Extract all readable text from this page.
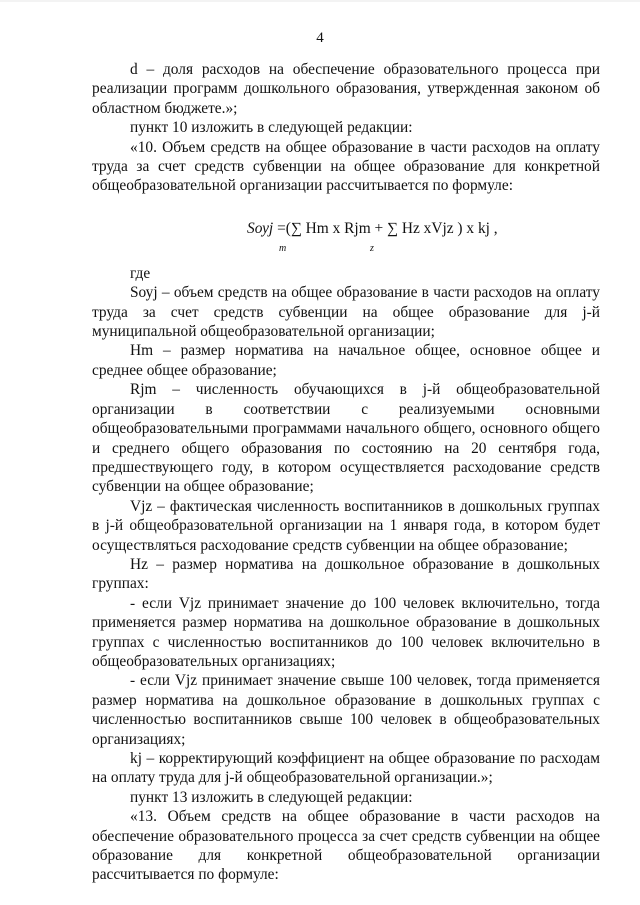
4

d – доля расходов на обеспечение образовательного процесса при реализации программ дошкольного образования, утвержденная законом об областном бюджете.»;

пункт 10 изложить в следующей редакции:

«10. Объем средств на общее образование в части расходов на оплату труда за счет средств субвенции на общее образование для конкретной общеобразовательной организации рассчитывается по формуле:

Sоуj =(∑ Hm x Rjm + ∑ Hz xVjz ) x kj ,
m	z

где

Sоуj – объем средств на общее образование в части расходов на оплату труда за счет средств субвенции на общее образование для j-й муниципальной общеобразовательной организации;

Hm – размер норматива на начальное общее, основное общее и среднее общее образование;

Rjm – численность обучающихся в j-й общеобразовательной организации в соответствии с реализуемыми основными общеобразовательными программами начального общего, основного общего и среднего общего образования по состоянию на 20 сентября года, предшествующего году, в котором осуществляется расходование средств субвенции на общее образование;

Vjz – фактическая численность воспитанников в дошкольных группах в j-й общеобразовательной организации на 1 января года, в котором будет осуществляться расходование средств субвенции на общее образование;

Hz – размер норматива на дошкольное образование в дошкольных группах:

- если Vjz принимает значение до 100 человек включительно, тогда применяется размер норматива на дошкольное образование в дошкольных группах с численностью воспитанников до 100 человек включительно в общеобразовательных организациях;

- если Vjz принимает значение свыше 100 человек, тогда применяется размер норматива на дошкольное образование в дошкольных группах с численностью воспитанников свыше 100 человек в общеобразовательных организациях;

kj – корректирующий коэффициент на общее образование по расходам на оплату труда для j-й общеобразовательной организации.»;

пункт 13 изложить в следующей редакции:

«13. Объем средств на общее образование в части расходов на обеспечение образовательного процесса за счет средств субвенции на общее образование для конкретной общеобразовательной организации рассчитывается по формуле:
